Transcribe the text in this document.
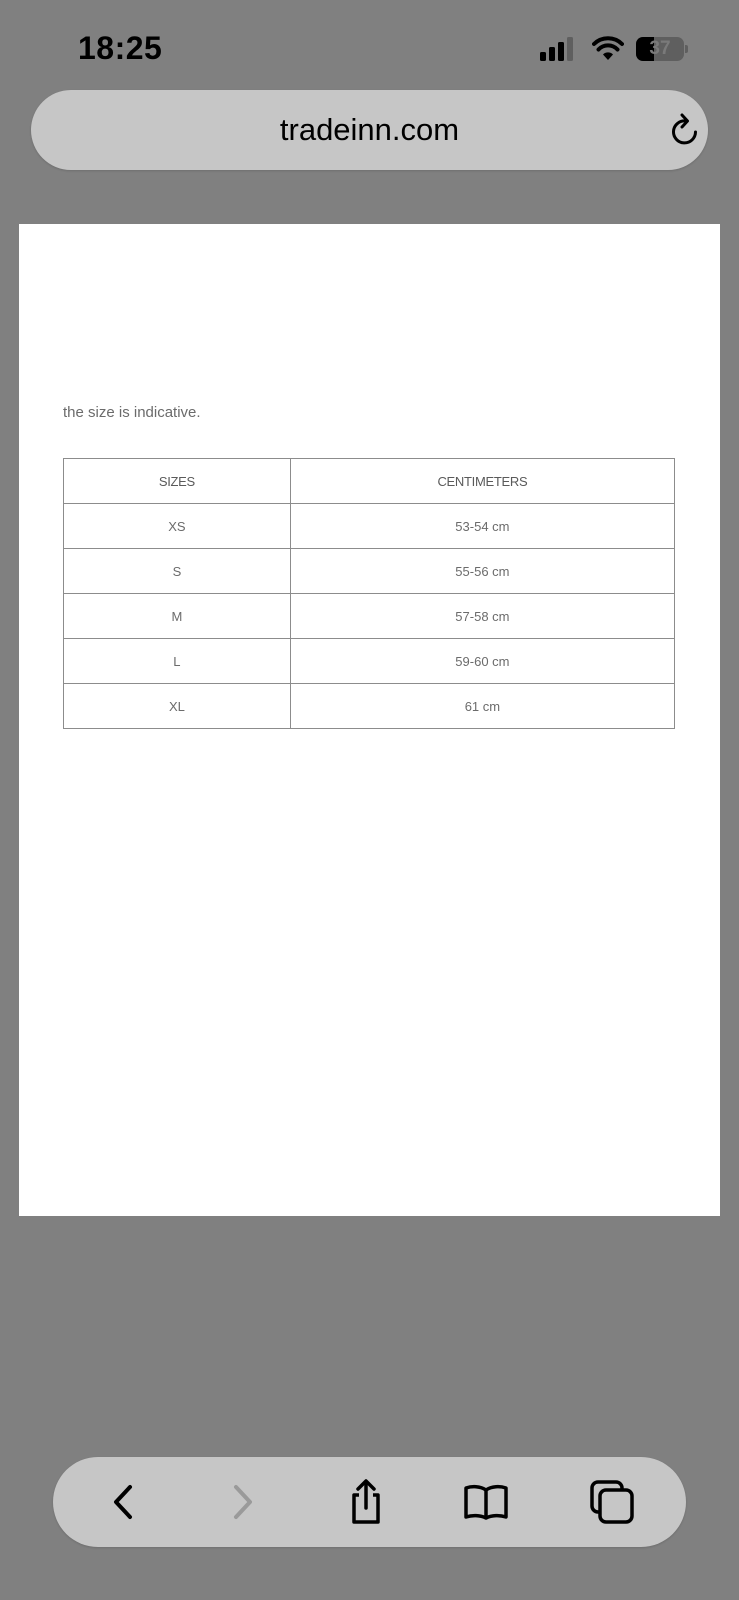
18:25	37
tradeinn.com
the size is indicative.
SIZES	CENTIMETERS
XS	53-54 cm
S	55-56 cm
M	57-58 cm
L	59-60 cm
XL	61 cm
